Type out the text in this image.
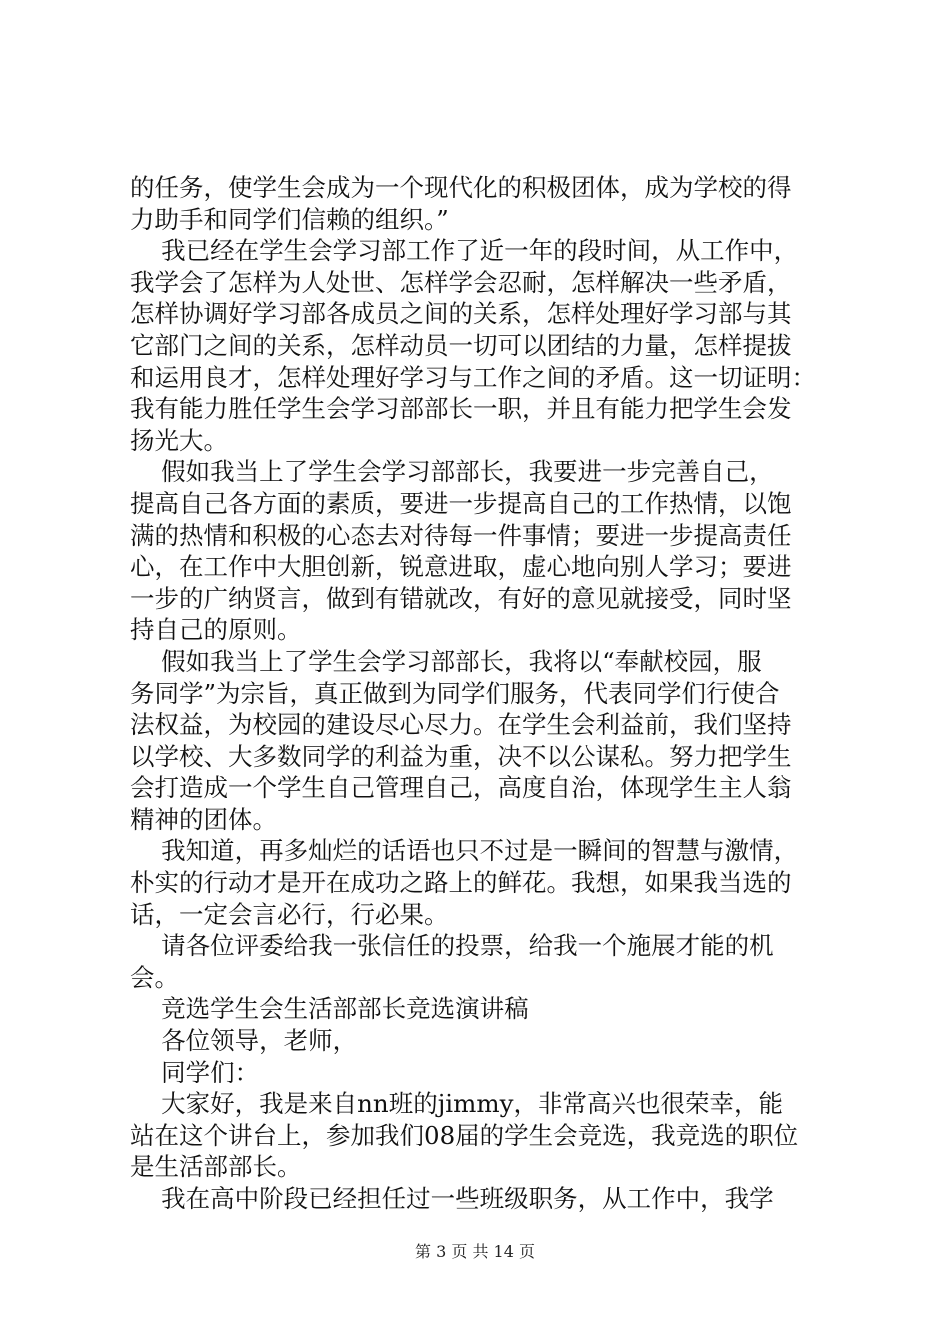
的任务，使学生会成为一个现代化的积极团体，成为学校的得
力助手和同学们信赖的组织。”
我已经在学生会学习部工作了近一年的段时间，从工作中，
我学会了怎样为人处世、怎样学会忍耐，怎样解决一些矛盾，
怎样协调好学习部各成员之间的关系，怎样处理好学习部与其
它部门之间的关系，怎样动员一切可以团结的力量，怎样提拔
和运用良才，怎样处理好学习与工作之间的矛盾。这一切证明：
我有能力胜任学生会学习部部长一职，并且有能力把学生会发
扬光大。
假如我当上了学生会学习部部长，我要进一步完善自己，
提高自己各方面的素质，要进一步提高自己的工作热情，以饱
满的热情和积极的心态去对待每一件事情；要进一步提高责任
心，在工作中大胆创新，锐意进取，虚心地向别人学习；要进
一步的广纳贤言，做到有错就改，有好的意见就接受，同时坚
持自己的原则。
假如我当上了学生会学习部部长，我将以“奉献校园，服
务同学”为宗旨，真正做到为同学们服务，代表同学们行使合
法权益，为校园的建设尽心尽力。在学生会利益前，我们坚持
以学校、大多数同学的利益为重，决不以公谋私。努力把学生
会打造成一个学生自己管理自己，高度自治，体现学生主人翁
精神的团体。
我知道，再多灿烂的话语也只不过是一瞬间的智慧与激情，
朴实的行动才是开在成功之路上的鲜花。我想，如果我当选的
话，一定会言必行，行必果。
请各位评委给我一张信任的投票，给我一个施展才能的机
会。
竞选学生会生活部部长竞选演讲稿
各位领导，老师，
同学们：
大家好，我是来自nn班的jimmy，非常高兴也很荣幸，能
站在这个讲台上，参加我们08届的学生会竞选，我竞选的职位
是生活部部长。
我在高中阶段已经担任过一些班级职务，从工作中，我学
第 3 页 共 14 页
